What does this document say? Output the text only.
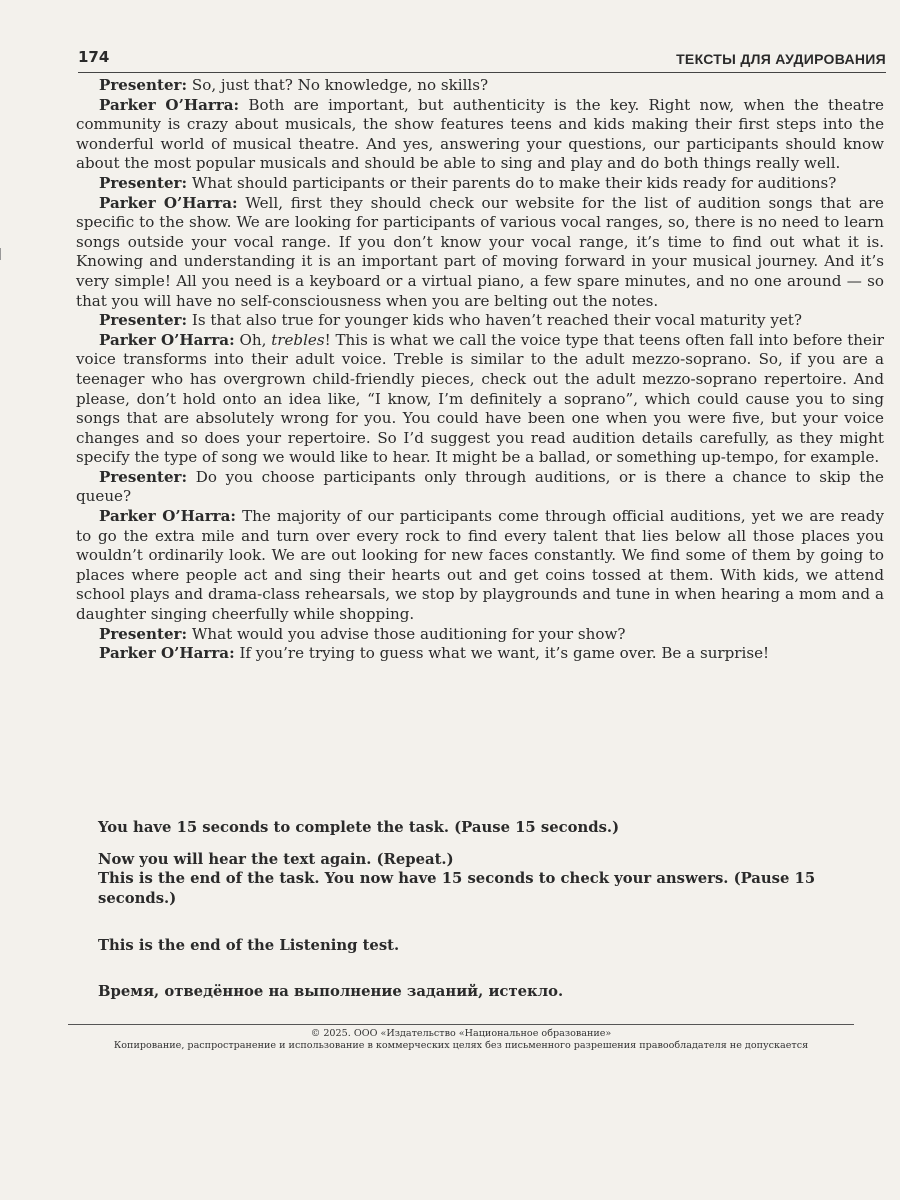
174	ТЕКСТЫ ДЛЯ АУДИРОВАНИЯ

Presenter: So, just that? No knowledge, no skills?

Parker O’Harra: Both are important, but authenticity is the key. Right now, when the theatre community is crazy about musicals, the show features teens and kids making their first steps into the wonderful world of musical theatre. And yes, answering your questions, our participants should know about the most popular musicals and should be able to sing and play and do both things really well.

Presenter: What should participants or their parents do to make their kids ready for auditions?

Parker O’Harra: Well, first they should check our website for the list of audition songs that are specific to the show. We are looking for participants of various vocal ranges, so, there is no need to learn songs outside your vocal range. If you don’t know your vocal range, it’s time to find out what it is. Knowing and understanding it is an important part of moving forward in your musical journey. And it’s very simple! All you need is a keyboard or a virtual piano, a few spare minutes, and no one around — so that you will have no self-consciousness when you are belting out the notes.

Presenter: Is that also true for younger kids who haven’t reached their vocal maturity yet?

Parker O’Harra: Oh, trebles! This is what we call the voice type that teens often fall into before their voice transforms into their adult voice. Treble is similar to the adult mezzo-soprano. So, if you are a teenager who has overgrown child-friendly pieces, check out the adult mezzo-soprano repertoire. And please, don’t hold onto an idea like, “I know, I’m definitely a soprano”, which could cause you to sing songs that are absolutely wrong for you. You could have been one when you were five, but your voice changes and so does your repertoire. So I’d suggest you read audition details carefully, as they might specify the type of song we would like to hear. It might be a ballad, or something up-tempo, for example.

Presenter: Do you choose participants only through auditions, or is there a chance to skip the queue?

Parker O’Harra: The majority of our participants come through official auditions, yet we are ready to go the extra mile and turn over every rock to find every talent that lies below all those places you wouldn’t ordinarily look. We are out looking for new faces constantly. We find some of them by going to places where people act and sing their hearts out and get coins tossed at them. With kids, we attend school plays and drama-class rehearsals, we stop by playgrounds and tune in when hearing a mom and a daughter singing cheerfully while shopping.

Presenter: What would you advise those auditioning for your show?

Parker O’Harra: If you’re trying to guess what we want, it’s game over. Be a surprise!

You have 15 seconds to complete the task. (Pause 15 seconds.)

Now you will hear the text again. (Repeat.)

This is the end of the task. You now have 15 seconds to check your answers. (Pause 15 seconds.)

This is the end of the Listening test.

Время, отведённое на выполнение заданий, истекло.

© 2025. ООО «Издательство «Национальное образование»

Копирование, распространение и использование в коммерческих целях без письменного разрешения правообладателя не допускается
